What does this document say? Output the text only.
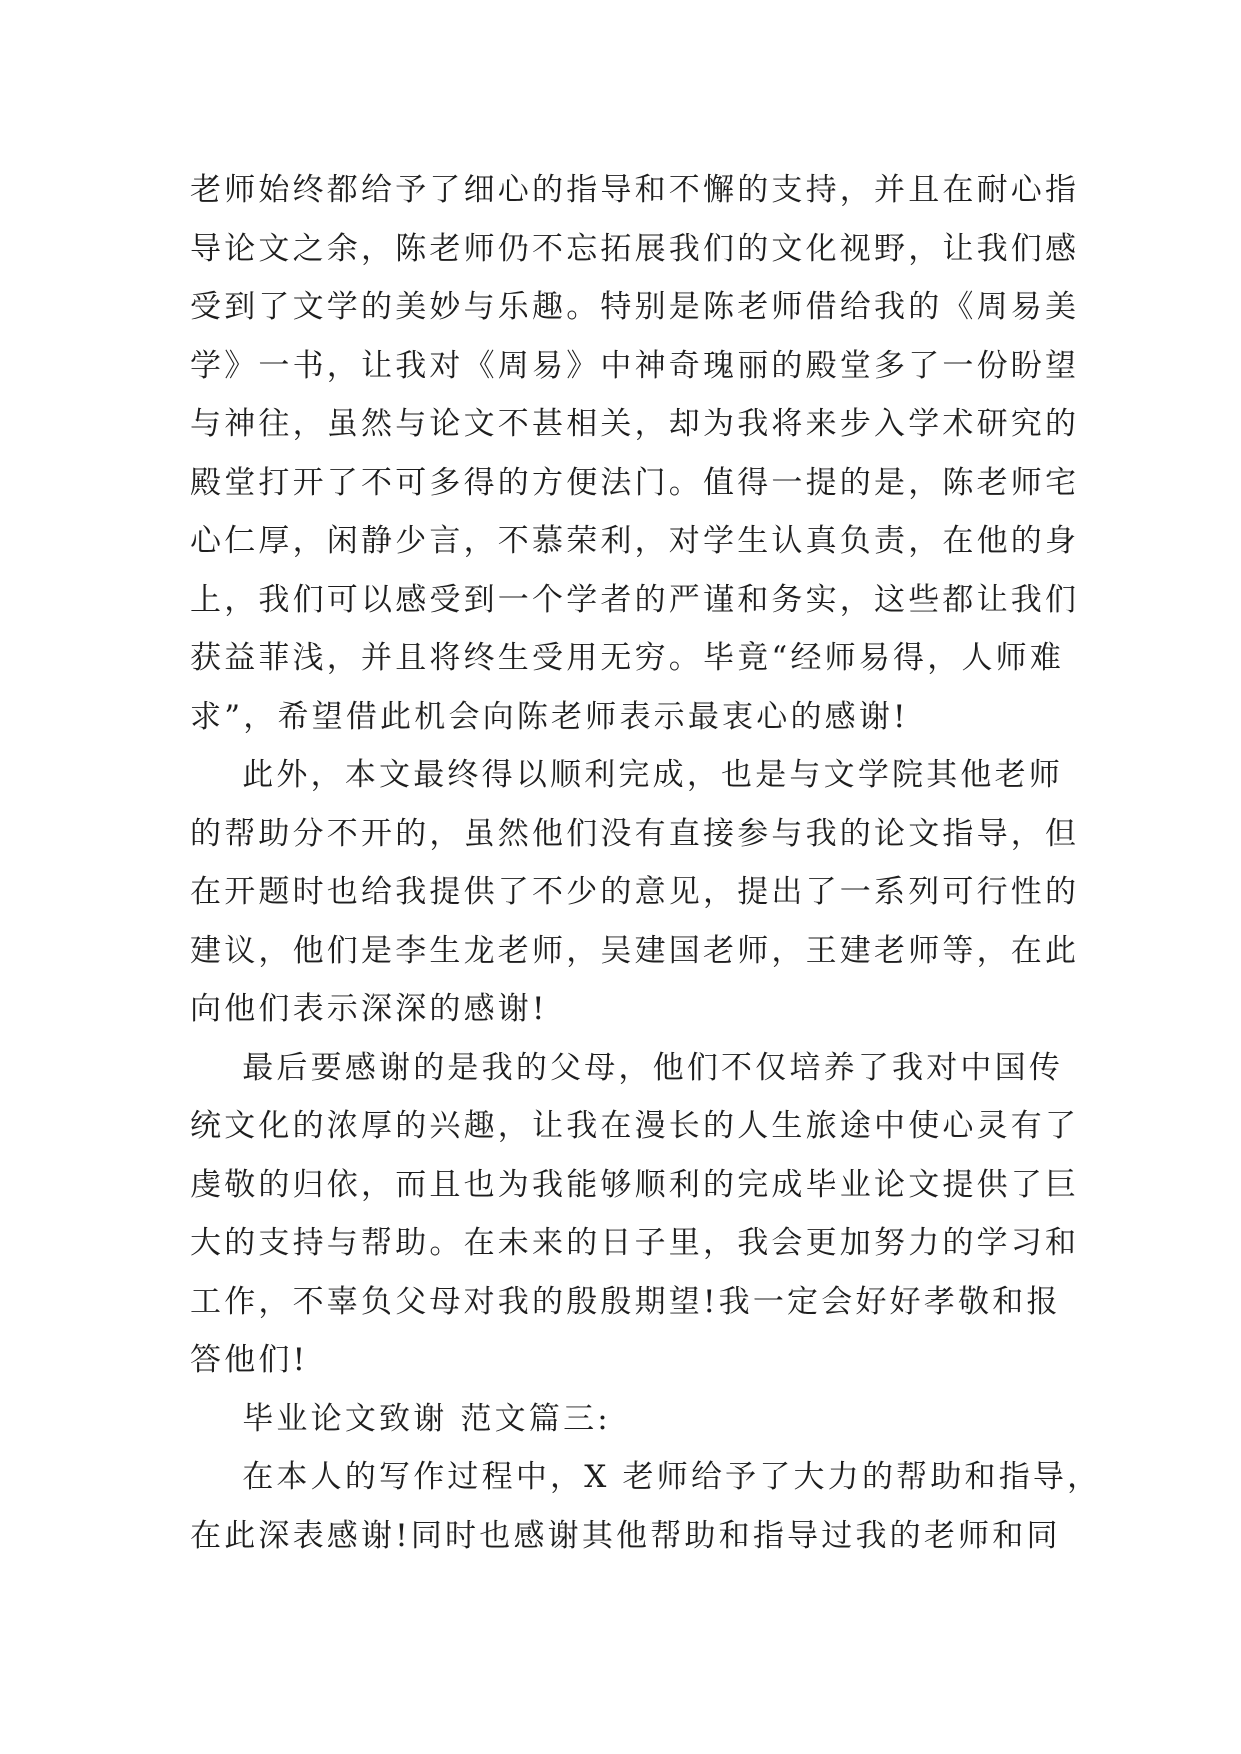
老师始终都给予了细心的指导和不懈的支持，并且在耐心指
导论文之余，陈老师仍不忘拓展我们的文化视野，让我们感
受到了文学的美妙与乐趣。特别是陈老师借给我的《周易美
学》一书，让我对《周易》中神奇瑰丽的殿堂多了一份盼望
与神往，虽然与论文不甚相关，却为我将来步入学术研究的
殿堂打开了不可多得的方便法门。值得一提的是，陈老师宅
心仁厚，闲静少言，不慕荣利，对学生认真负责，在他的身
上，我们可以感受到一个学者的严谨和务实，这些都让我们
获益菲浅，并且将终生受用无穷。毕竟“经师易得，人师难
求”，希望借此机会向陈老师表示最衷心的感谢!
此外，本文最终得以顺利完成，也是与文学院其他老师
的帮助分不开的，虽然他们没有直接参与我的论文指导，但
在开题时也给我提供了不少的意见，提出了一系列可行性的
建议，他们是李生龙老师，吴建国老师，王建老师等，在此
向他们表示深深的感谢!
最后要感谢的是我的父母，他们不仅培养了我对中国传
统文化的浓厚的兴趣，让我在漫长的人生旅途中使心灵有了
虔敬的归依，而且也为我能够顺利的完成毕业论文提供了巨
大的支持与帮助。在未来的日子里，我会更加努力的学习和
工作，不辜负父母对我的殷殷期望!我一定会好好孝敬和报
答他们!
毕业论文致谢 范文篇三:
在本人的写作过程中，X 老师给予了大力的帮助和指导，
在此深表感谢!同时也感谢其他帮助和指导过我的老师和同
